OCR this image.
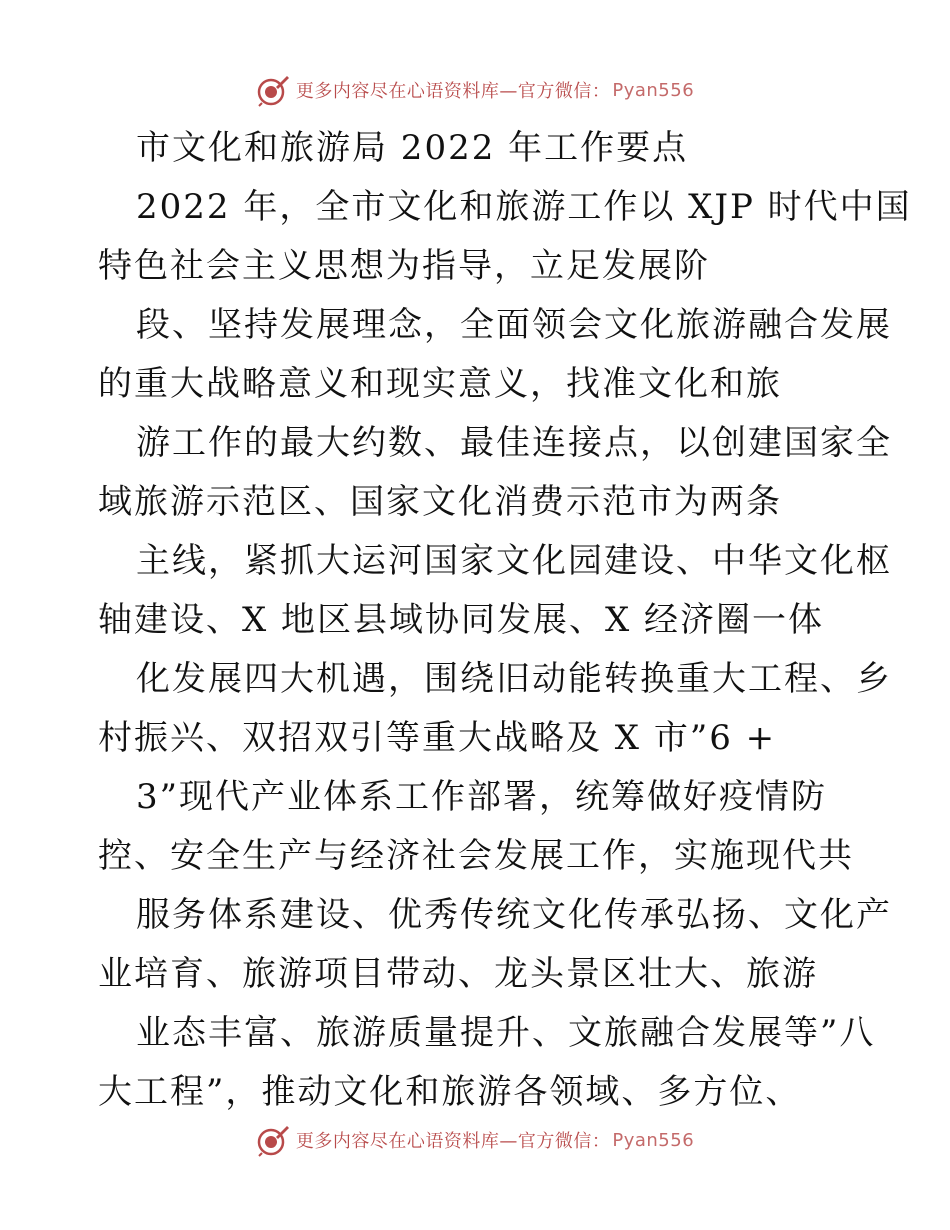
更多内容尽在心语资料库—官方微信： Pyan556
市文化和旅游局 2022 年工作要点
2022 年，全市文化和旅游工作以 XJP 时代中国
特色社会主义思想为指导，立足发展阶
段、坚持发展理念，全面领会文化旅游融合发展
的重大战略意义和现实意义，找准文化和旅
游工作的最大约数、最佳连接点，以创建国家全
域旅游示范区、国家文化消费示范市为两条
主线，紧抓大运河国家文化园建设、中华文化枢
轴建设、X 地区县域协同发展、X 经济圈一体
化发展四大机遇，围绕旧动能转换重大工程、乡
村振兴、双招双引等重大战略及 X 市”6 +
3”现代产业体系工作部署，统筹做好疫情防
控、安全生产与经济社会发展工作，实施现代共
服务体系建设、优秀传统文化传承弘扬、文化产
业培育、旅游项目带动、龙头景区壮大、旅游
业态丰富、旅游质量提升、文旅融合发展等”八
大工程”，推动文化和旅游各领域、多方位、
更多内容尽在心语资料库—官方微信： Pyan556
